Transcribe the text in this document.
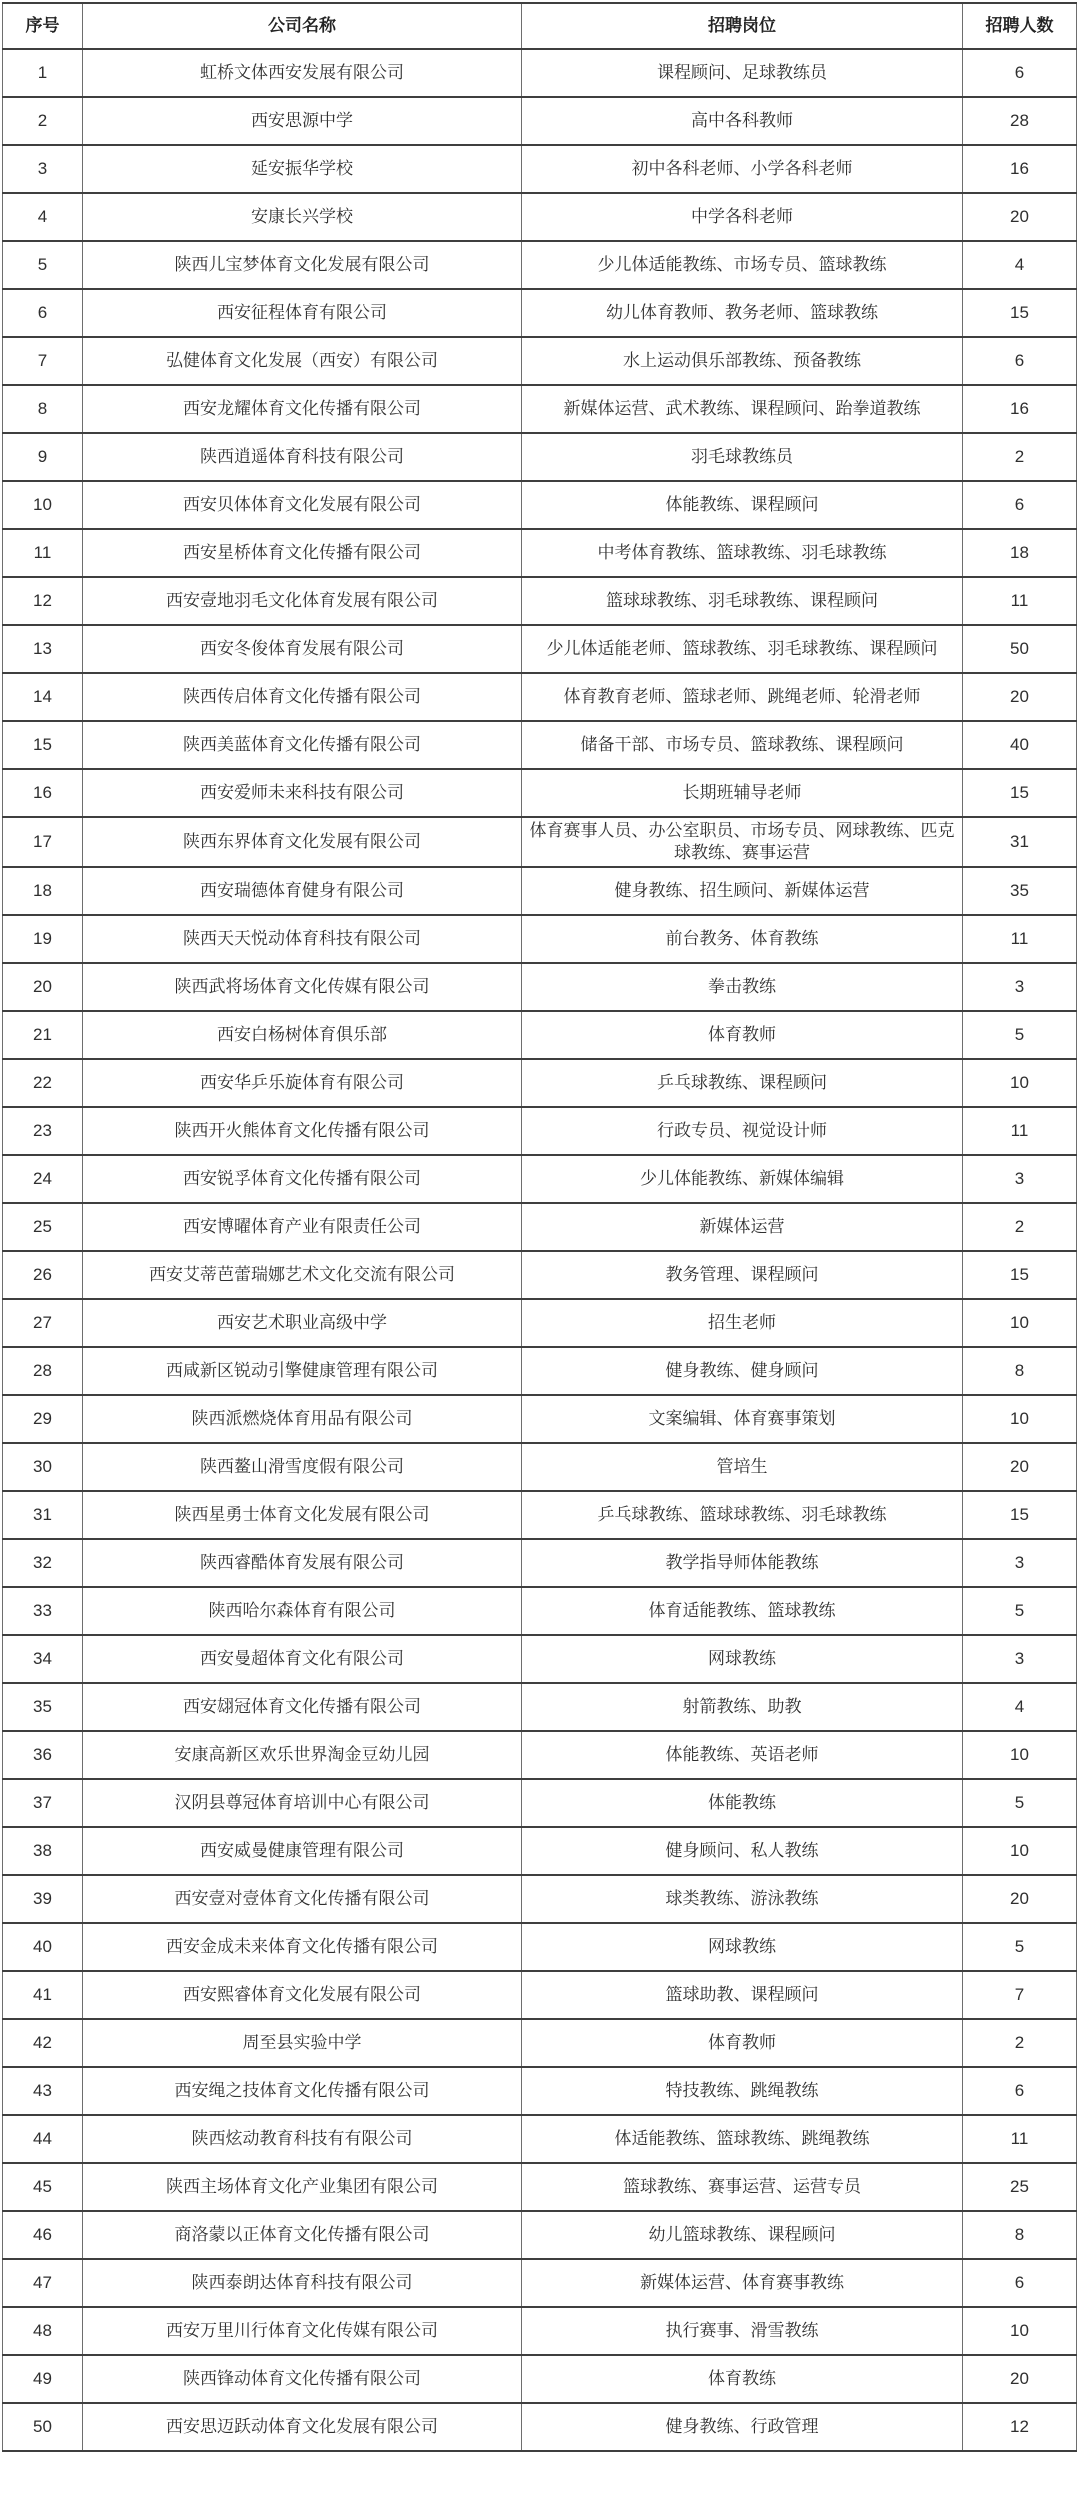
序号	公司名称	招聘岗位	招聘人数
1	虹桥文体西安发展有限公司	课程顾问、足球教练员	6
2	西安思源中学	高中各科教师	28
3	延安振华学校	初中各科老师、小学各科老师	16
4	安康长兴学校	中学各科老师	20
5	陕西儿宝梦体育文化发展有限公司	少儿体适能教练、市场专员、篮球教练	4
6	西安征程体育有限公司	幼儿体育教师、教务老师、篮球教练	15
7	弘健体育文化发展（西安）有限公司	水上运动俱乐部教练、预备教练	6
8	西安龙耀体育文化传播有限公司	新媒体运营、武术教练、课程顾问、跆拳道教练	16
9	陕西逍遥体育科技有限公司	羽毛球教练员	2
10	西安贝体体育文化发展有限公司	体能教练、课程顾问	6
11	西安星桥体育文化传播有限公司	中考体育教练、篮球教练、羽毛球教练	18
12	西安壹地羽毛文化体育发展有限公司	篮球球教练、羽毛球教练、课程顾问	11
13	西安冬俊体育发展有限公司	少儿体适能老师、篮球教练、羽毛球教练、课程顾问	50
14	陕西传启体育文化传播有限公司	体育教育老师、篮球老师、跳绳老师、轮滑老师	20
15	陕西美蓝体育文化传播有限公司	储备干部、市场专员、篮球教练、课程顾问	40
16	西安爱师未来科技有限公司	长期班辅导老师	15
17	陕西东界体育文化发展有限公司	体育赛事人员、办公室职员、市场专员、网球教练、匹克球教练、赛事运营	31
18	西安瑞德体育健身有限公司	健身教练、招生顾问、新媒体运营	35
19	陕西天天悦动体育科技有限公司	前台教务、体育教练	11
20	陕西武将场体育文化传媒有限公司	拳击教练	3
21	西安白杨树体育俱乐部	体育教师	5
22	西安华乒乐旋体育有限公司	乒乓球教练、课程顾问	10
23	陕西开火熊体育文化传播有限公司	行政专员、视觉设计师	11
24	西安锐孚体育文化传播有限公司	少儿体能教练、新媒体编辑	3
25	西安博曜体育产业有限责任公司	新媒体运营	2
26	西安艾蒂芭蕾瑞娜艺术文化交流有限公司	教务管理、课程顾问	15
27	西安艺术职业高级中学	招生老师	10
28	西咸新区锐动引擎健康管理有限公司	健身教练、健身顾问	8
29	陕西派燃烧体育用品有限公司	文案编辑、体育赛事策划	10
30	陕西鳌山滑雪度假有限公司	管培生	20
31	陕西星勇士体育文化发展有限公司	乒乓球教练、篮球球教练、羽毛球教练	15
32	陕西睿酷体育发展有限公司	教学指导师体能教练	3
33	陕西哈尔森体育有限公司	体育适能教练、篮球教练	5
34	西安曼超体育文化有限公司	网球教练	3
35	西安翃冠体育文化传播有限公司	射箭教练、助教	4
36	安康高新区欢乐世界淘金豆幼儿园	体能教练、英语老师	10
37	汉阴县尊冠体育培训中心有限公司	体能教练	5
38	西安威曼健康管理有限公司	健身顾问、私人教练	10
39	西安壹对壹体育文化传播有限公司	球类教练、游泳教练	20
40	西安金成未来体育文化传播有限公司	网球教练	5
41	西安熙睿体育文化发展有限公司	篮球助教、课程顾问	7
42	周至县实验中学	体育教师	2
43	西安绳之技体育文化传播有限公司	特技教练、跳绳教练	6
44	陕西炫动教育科技有有限公司	体适能教练、篮球教练、跳绳教练	11
45	陕西主场体育文化产业集团有限公司	篮球教练、赛事运营、运营专员	25
46	商洛蒙以正体育文化传播有限公司	幼儿篮球教练、课程顾问	8
47	陕西泰朗达体育科技有限公司	新媒体运营、体育赛事教练	6
48	西安万里川行体育文化传媒有限公司	执行赛事、滑雪教练	10
49	陕西锋动体育文化传播有限公司	体育教练	20
50	西安思迈跃动体育文化发展有限公司	健身教练、行政管理	12
